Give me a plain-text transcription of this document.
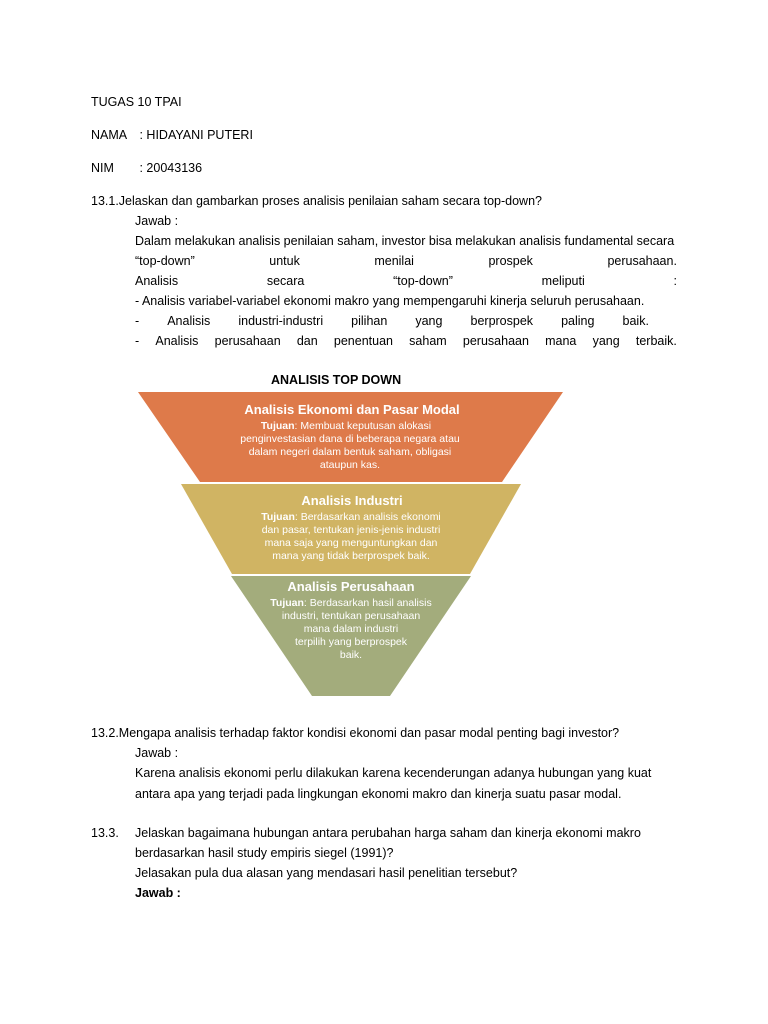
TUGAS 10 TPAI
NAMA : HIDAYANI PUTERI
NIM : 20043136
13.1.Jelaskan dan gambarkan proses analisis penilaian saham secara top-down?
Jawab :
Dalam melakukan analisis penilaian saham, investor bisa melakukan analisis fundamental secara
“top-down”	untuk	menilai	prospek	perusahaan.
Analisis	secara	“top-down”	meliputi	:
- Analisis variabel-variabel ekonomi makro yang mempengaruhi kinerja seluruh perusahaan.
- Analisis industri-industri pilihan yang berprospek paling baik.
- Analisis perusahaan dan penentuan saham perusahaan mana yang terbaik.
ANALISIS TOP DOWN
Analisis Ekonomi dan Pasar Modal
Tujuan: Membuat keputusan alokasi
penginvestasian dana di beberapa negara atau
dalam negeri dalam bentuk saham, obligasi
ataupun kas.
Analisis Industri
Tujuan: Berdasarkan analisis ekonomi
dan pasar, tentukan jenis-jenis industri
mana saja yang menguntungkan dan
mana yang tidak berprospek baik.
Analisis Perusahaan
Tujuan: Berdasarkan hasil analisis
industri, tentukan perusahaan
mana dalam industri
terpilih yang berprospek
baik.
13.2.Mengapa analisis terhadap faktor kondisi ekonomi dan pasar modal penting bagi investor?
Jawab :
Karena analisis ekonomi perlu dilakukan karena kecenderungan adanya hubungan yang kuat
antara apa yang terjadi pada lingkungan ekonomi makro dan kinerja suatu pasar modal.
13.3. Jelaskan bagaimana hubungan antara perubahan harga saham dan kinerja ekonomi makro
berdasarkan hasil study empiris siegel (1991)?
Jelasakan pula dua alasan yang mendasari hasil penelitian tersebut?
Jawab :
